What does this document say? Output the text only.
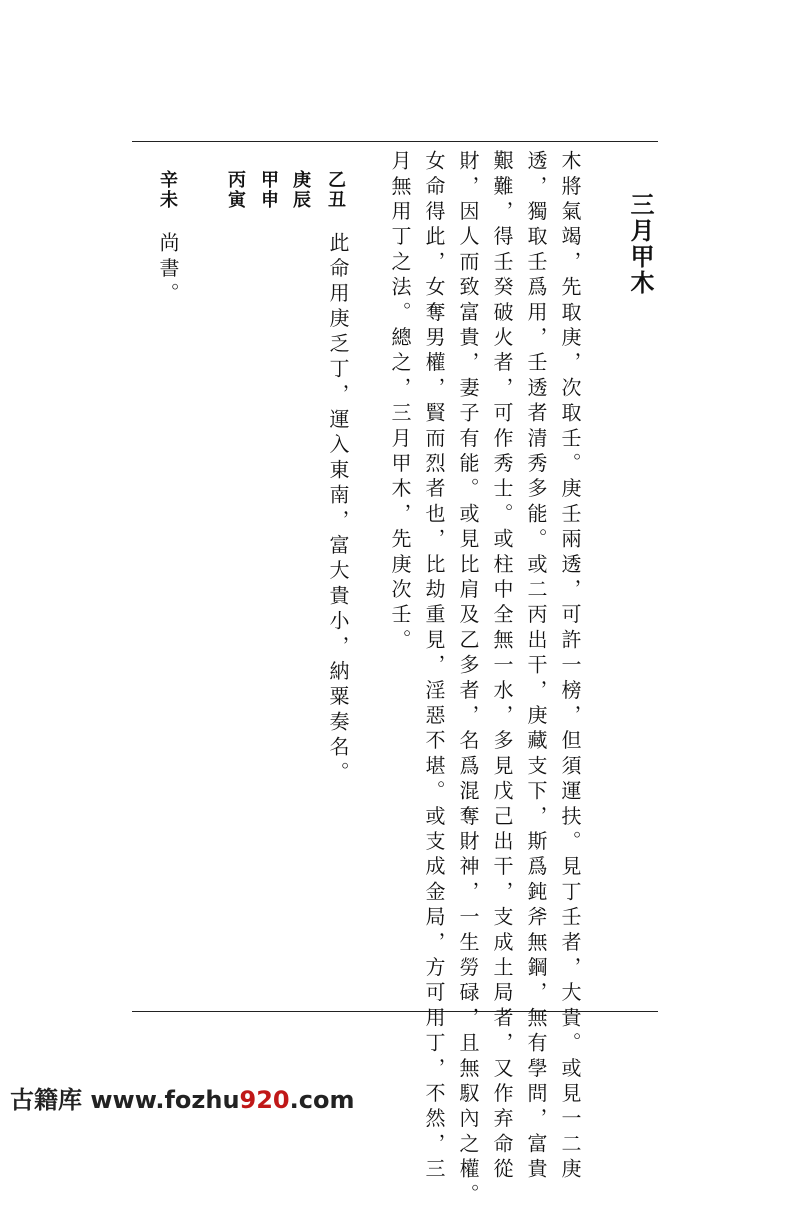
三月甲木
木將氣竭，先取庚，次取壬。庚壬兩透，可許一榜，但須運扶。見丁壬者，大貴。或見一二庚
透，獨取壬爲用，壬透者清秀多能。或二丙出干，庚藏支下，斯爲鈍斧無鋼，無有學問，富貴
艱難，得壬癸破火者，可作秀士。或柱中全無一水，多見戊己出干，支成土局者，又作弃命從
財，因人而致富貴，妻子有能。或見比肩及乙多者，名爲混奪財神，一生勞碌，且無馭內之權。
女命得此，女奪男權，賢而烈者也，比劫重見，淫惡不堪。或支成金局，方可用丁，不然，三
月無用丁之法。總之，三月甲木，先庚次壬。
乙丑
庚辰
甲申
丙寅
辛未
此命用庚乏丁，運入東南，富大貴小，納粟奏名。
尚書。
古籍库 www.fozhu920.com
